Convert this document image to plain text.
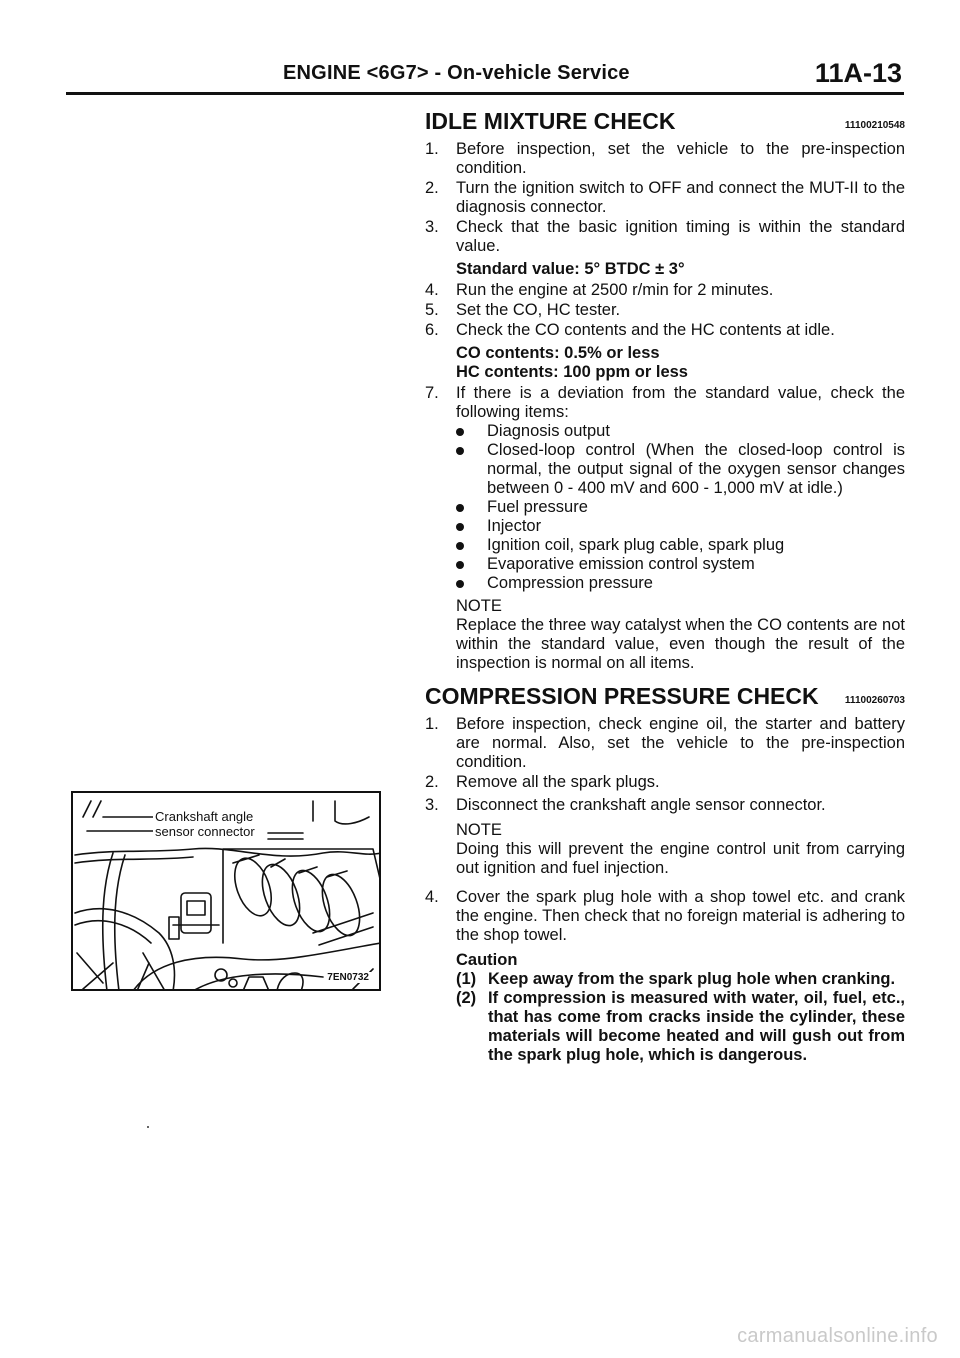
ENGINE <6G7> - On-vehicle Service	11A-13
IDLE MIXTURE CHECK	11100210548
1. Before inspection, set the vehicle to the pre-inspection condition.
2. Turn the ignition switch to OFF and connect the MUT-II to the diagnosis connector.
3. Check that the basic ignition timing is within the standard value.
Standard value: 5° BTDC ± 3°
4. Run the engine at 2500 r/min for 2 minutes.
5. Set the CO, HC tester.
6. Check the CO contents and the HC contents at idle.
CO contents: 0.5% or less
HC contents: 100 ppm or less
7. If there is a deviation from the standard value, check the following items:
Diagnosis output
Closed-loop control (When the closed-loop control is normal, the output signal of the oxygen sensor changes between 0 - 400 mV and 600 - 1,000 mV at idle.)
Fuel pressure
Injector
Ignition coil, spark plug cable, spark plug
Evaporative emission control system
Compression pressure
NOTE
Replace the three way catalyst when the CO contents are not within the standard value, even though the result of the inspection is normal on all items.
COMPRESSION PRESSURE CHECK	11100260703
1. Before inspection, check engine oil, the starter and battery are normal. Also, set the vehicle to the pre-inspection condition.
2. Remove all the spark plugs.
3. Disconnect the crankshaft angle sensor connector.
NOTE
Doing this will prevent the engine control unit from carrying out ignition and fuel injection.
4. Cover the spark plug hole with a shop towel etc. and crank the engine. Then check that no foreign material is adhering to the shop towel.
Caution
(1) Keep away from the spark plug hole when cranking.
(2) If compression is measured with water, oil, fuel, etc., that has come from cracks inside the cylinder, these materials will become heated and will gush out from the spark plug hole, which is dangerous.
Crankshaft angle
sensor connector
7EN0732
carmanualsonline.info
